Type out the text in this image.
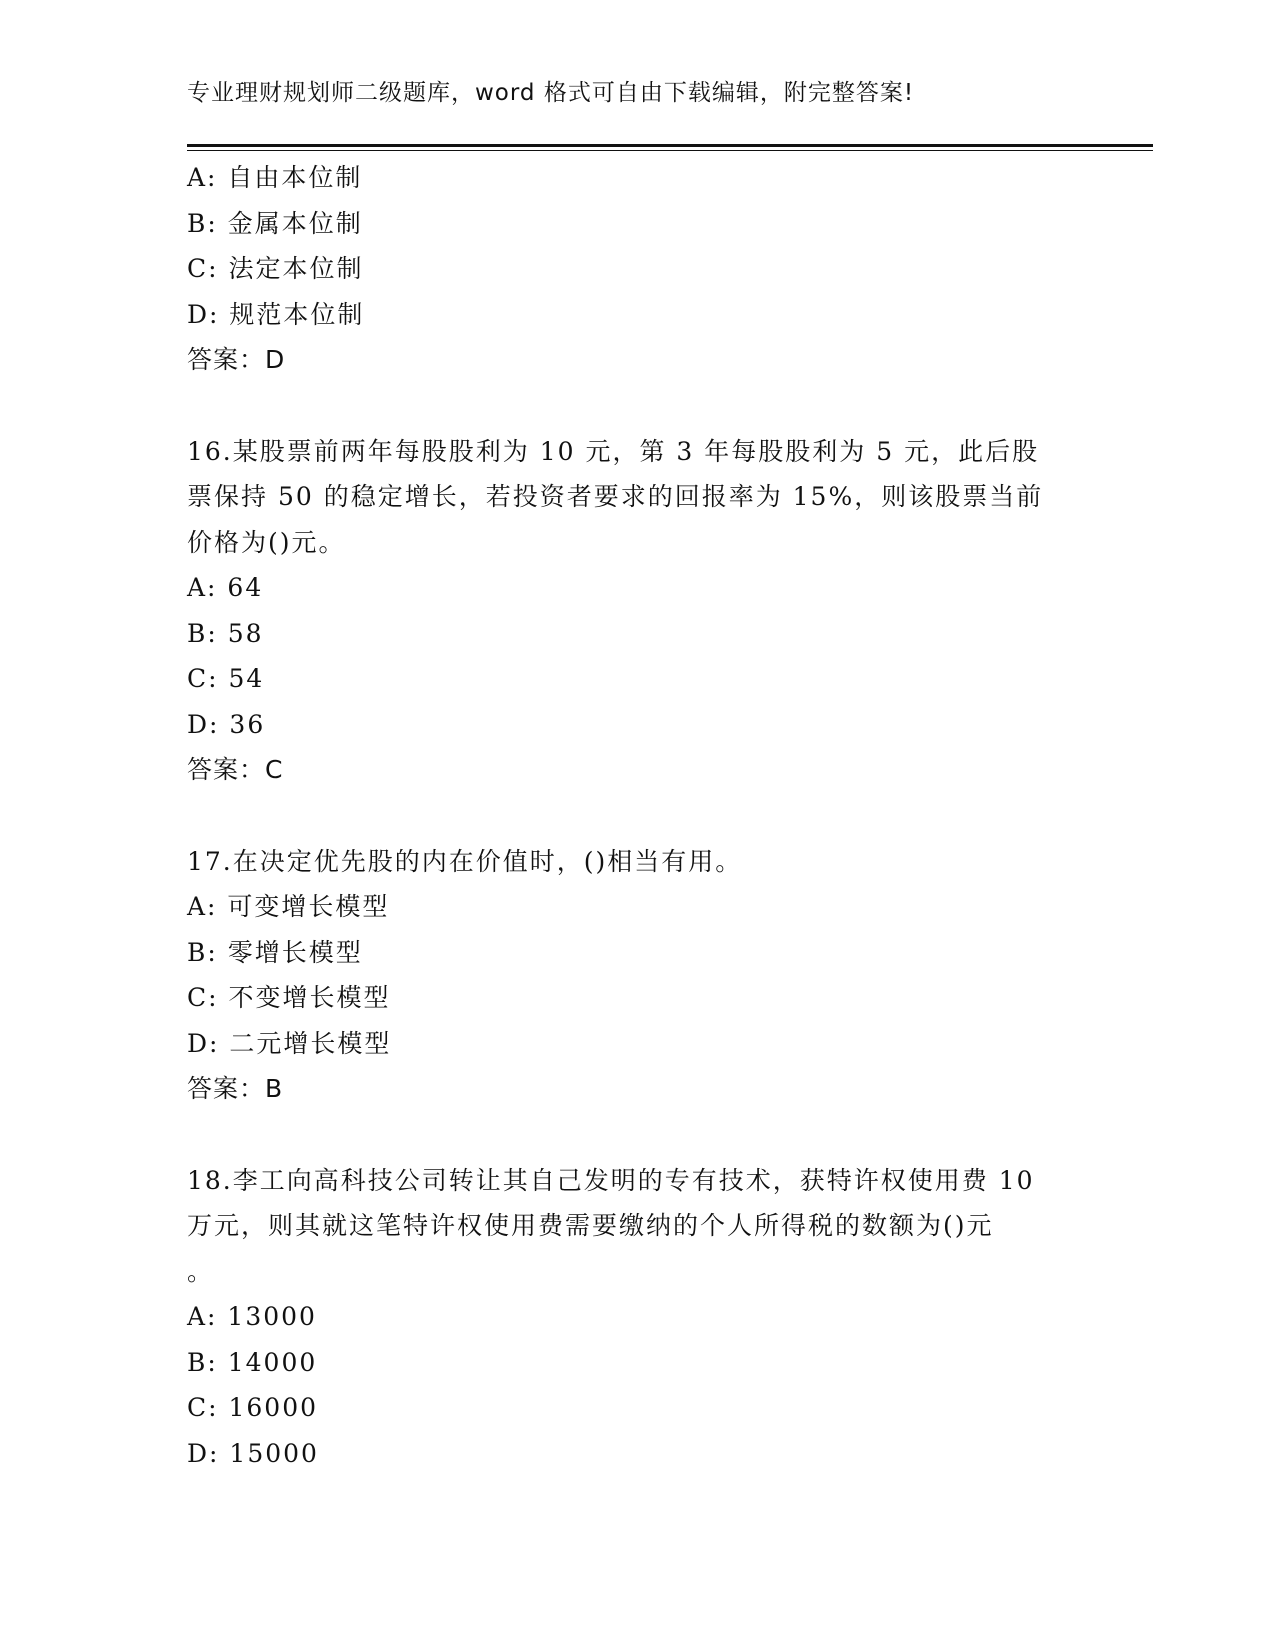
专业理财规划师二级题库，word 格式可自由下载编辑，附完整答案!
A: 自由本位制
B: 金属本位制
C: 法定本位制
D: 规范本位制
答案：D
16.某股票前两年每股股利为 10 元，第 3 年每股股利为 5 元，此后股
票保持 50 的稳定增长，若投资者要求的回报率为 15%，则该股票当前
价格为()元。
A: 64
B: 58
C: 54
D: 36
答案：C
17.在决定优先股的内在价值时，()相当有用。
A: 可变增长模型
B: 零增长模型
C: 不变增长模型
D: 二元增长模型
答案：B
18.李工向高科技公司转让其自己发明的专有技术，获特许权使用费 10
万元，则其就这笔特许权使用费需要缴纳的个人所得税的数额为()元
。
A: 13000
B: 14000
C: 16000
D: 15000
